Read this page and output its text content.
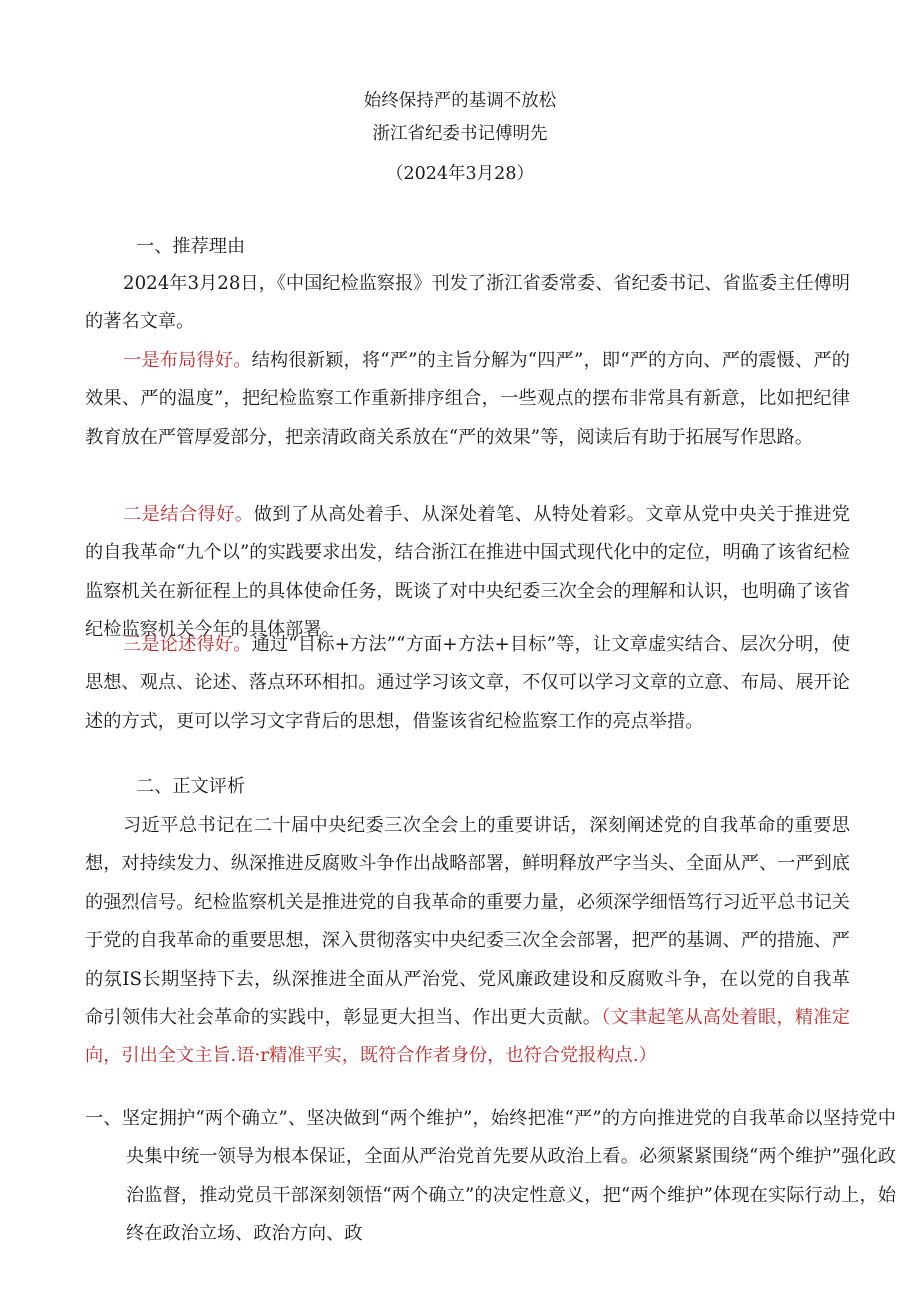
始终保持严的基调不放松
浙江省纪委书记傅明先
（2024年3月28）
一、推荐理由
2024年3月28日，《中国纪检监察报》刊发了浙江省委常委、省纪委书记、省监委主任傅明的著名文章。
一是布局得好。结构很新颖，将“严”的主旨分解为“四严”，即“严的方向、严的震慑、严的效果、严的温度”，把纪检监察工作重新排序组合，一些观点的摆布非常具有新意，比如把纪律教育放在严管厚爱部分，把亲清政商关系放在“严的效果”等，阅读后有助于拓展写作思路。
二是结合得好。做到了从高处着手、从深处着笔、从特处着彩。文章从党中央关于推进党的自我革命“九个以”的实践要求出发，结合浙江在推进中国式现代化中的定位，明确了该省纪检监察机关在新征程上的具体使命任务，既谈了对中央纪委三次全会的理解和认识，也明确了该省纪检监察机关今年的具体部署。
三是论述得好。通过“目标+方法”“方面+方法+目标”等，让文章虚实结合、层次分明，使思想、观点、论述、落点环环相扣。通过学习该文章，不仅可以学习文章的立意、布局、展开论述的方式，更可以学习文字背后的思想，借鉴该省纪检监察工作的亮点举措。
二、正文评析
习近平总书记在二十届中央纪委三次全会上的重要讲话，深刻阐述党的自我革命的重要思想，对持续发力、纵深推进反腐败斗争作出战略部署，鲜明释放严字当头、全面从严、一严到底的强烈信号。纪检监察机关是推进党的自我革命的重要力量，必须深学细悟笃行习近平总书记关于党的自我革命的重要思想，深入贯彻落实中央纪委三次全会部署，把严的基调、严的措施、严的氛IS长期坚持下去，纵深推进全面从严治党、党风廉政建设和反腐败斗争，在以党的自我革命引领伟大社会革命的实践中，彰显更大担当、作出更大贡献。（文聿起笔从高处着眼，精准定向，引出全文主旨.语·r精准平实，既符合作者身份，也符合党报构点.）
一、坚定拥护“两个确立”、坚决做到“两个维护”，始终把准“严”的方向推进党的自我革命以坚持党中央集中统一领导为根本保证，全面从严治党首先要从政治上看。必须紧紧围绕“两个维护”强化政治监督，推动党员干部深刻领悟“两个确立”的决定性意义，把“两个维护”体现在实际行动上，始终在政治立场、政治方向、政
